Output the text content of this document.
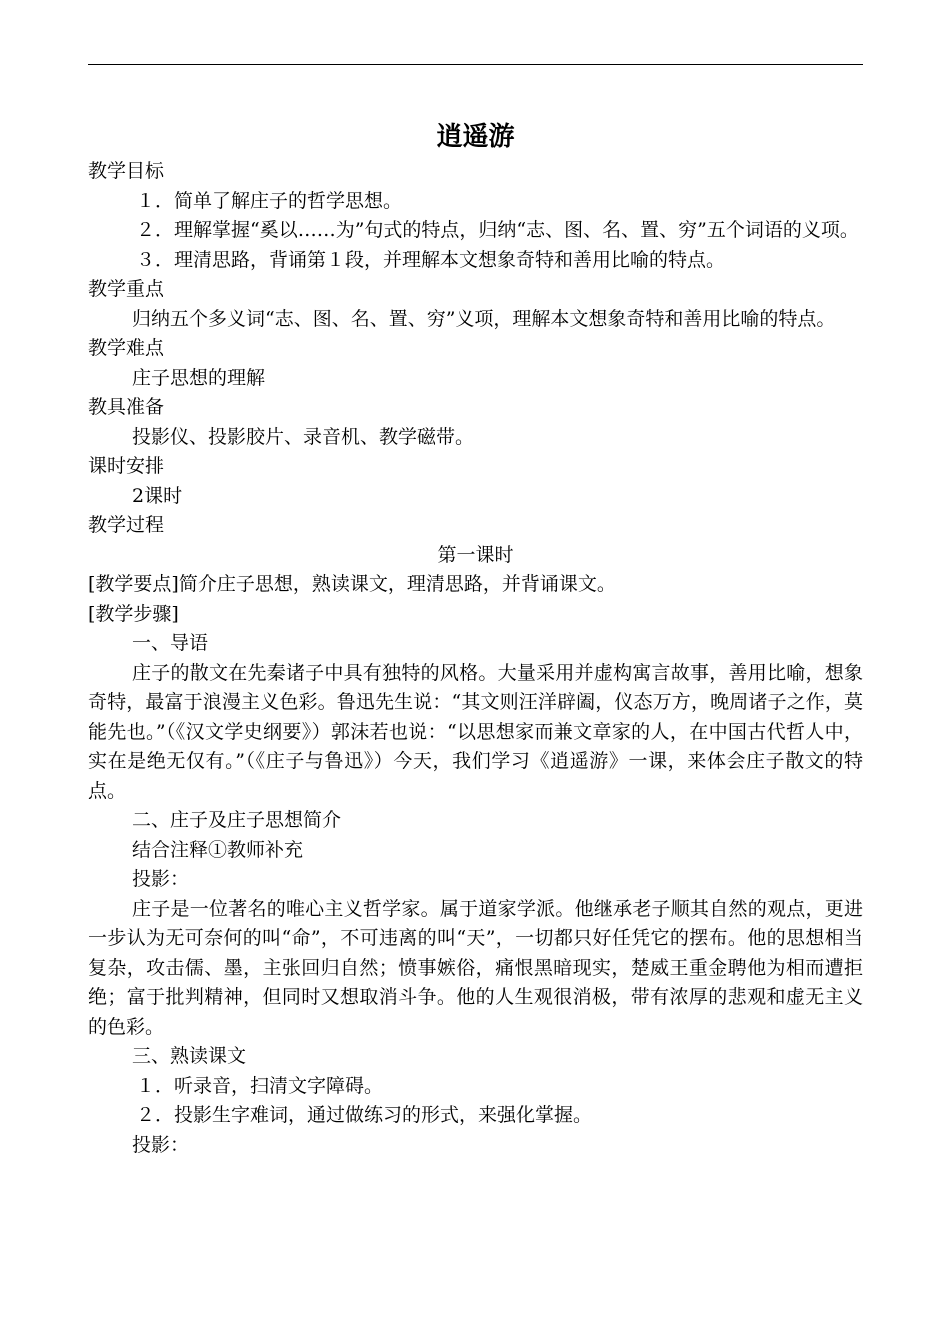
逍遥游

教学目标

１．简单了解庄子的哲学思想。

２．理解掌握“奚以……为”句式的特点，归纳“志、图、名、置、穷”五个词语的义项。

３．理清思路，背诵第１段，并理解本文想象奇特和善用比喻的特点。

教学重点

归纳五个多义词“志、图、名、置、穷”义项，理解本文想象奇特和善用比喻的特点。

教学难点

庄子思想的理解

教具准备

投影仪、投影胶片、录音机、教学磁带。

课时安排

2课时

教学过程

第一课时

[教学要点]简介庄子思想，熟读课文，理清思路，并背诵课文。

[教学步骤]

一、导语

庄子的散文在先秦诸子中具有独特的风格。大量采用并虚构寓言故事，善用比喻，想象奇特，最富于浪漫主义色彩。鲁迅先生说：“其文则汪洋辟阖，仪态万方，晚周诸子之作，莫能先也。”（《汉文学史纲要》）郭沫若也说：“以思想家而兼文章家的人，在中国古代哲人中，实在是绝无仅有。”（《庄子与鲁迅》）今天，我们学习《逍遥游》一课，来体会庄子散文的特点。

二、庄子及庄子思想简介

结合注释①教师补充

投影：

庄子是一位著名的唯心主义哲学家。属于道家学派。他继承老子顺其自然的观点，更进一步认为无可奈何的叫“命”，不可违离的叫“天”，一切都只好任凭它的摆布。他的思想相当复杂，攻击儒、墨，主张回归自然；愤事嫉俗，痛恨黑暗现实，楚威王重金聘他为相而遭拒绝；富于批判精神，但同时又想取消斗争。他的人生观很消极，带有浓厚的悲观和虚无主义的色彩。

三、熟读课文

１．听录音，扫清文字障碍。

２．投影生字难词，通过做练习的形式，来强化掌握。

投影：
